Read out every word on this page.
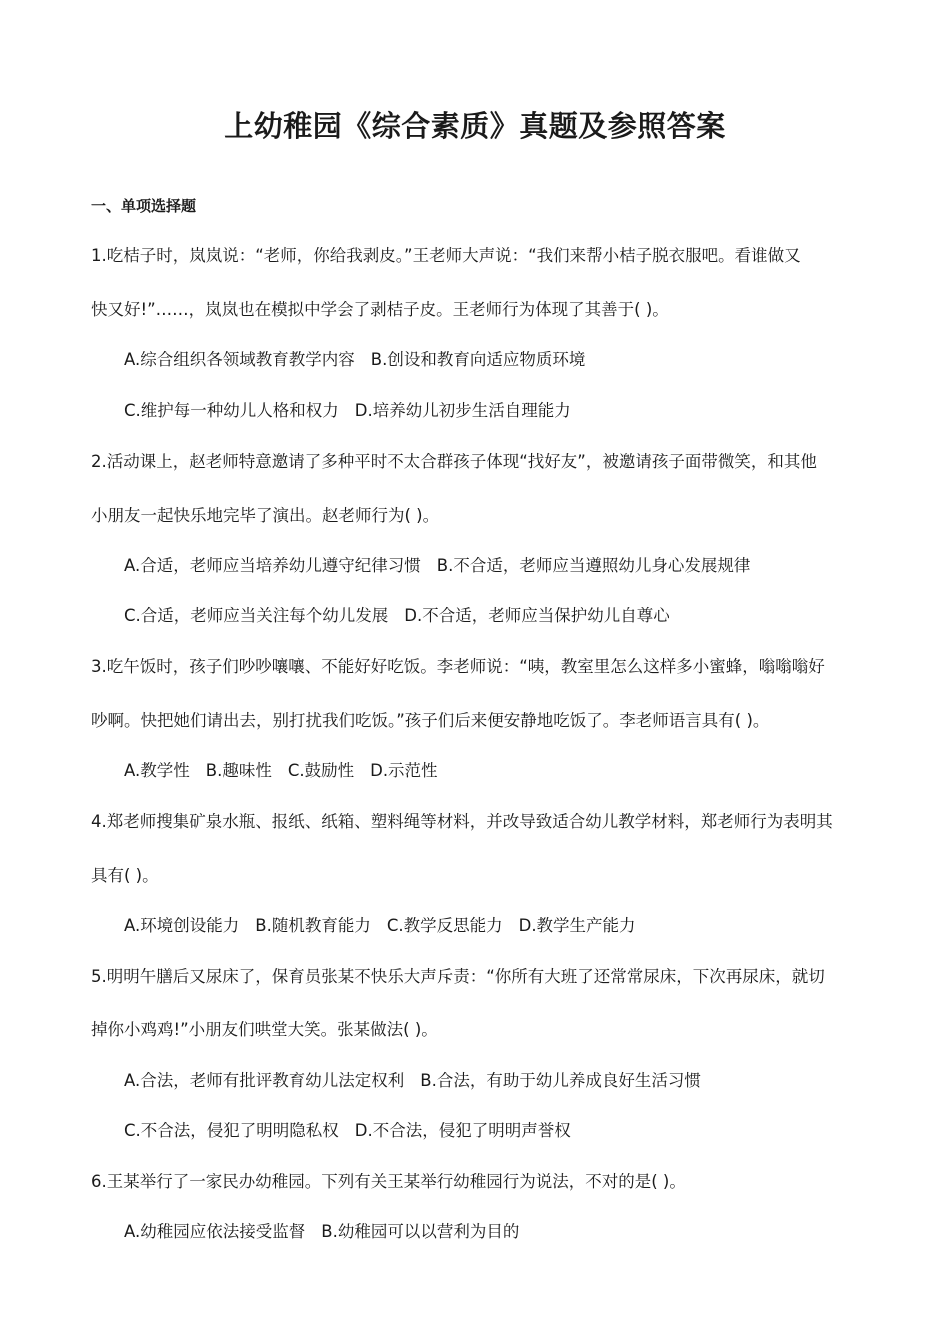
上幼稚园《综合素质》真题及参照答案
一、单项选择题
1.吃桔子时，岚岚说：“老师，你给我剥皮。”王老师大声说：“我们来帮小桔子脱衣服吧。看谁做又
快又好!”……，岚岚也在模拟中学会了剥桔子皮。王老师行为体现了其善于( )。
A.综合组织各领域教育教学内容 B.创设和教育向适应物质环境
C.维护每一种幼儿人格和权力 D.培养幼儿初步生活自理能力
2.活动课上，赵老师特意邀请了多种平时不太合群孩子体现“找好友”，被邀请孩子面带微笑，和其他
小朋友一起快乐地完毕了演出。赵老师行为( )。
A.合适，老师应当培养幼儿遵守纪律习惯 B.不合适，老师应当遵照幼儿身心发展规律
C.合适，老师应当关注每个幼儿发展 D.不合适，老师应当保护幼儿自尊心
3.吃午饭时，孩子们吵吵嚷嚷、不能好好吃饭。李老师说：“咦，教室里怎么这样多小蜜蜂，嗡嗡嗡好
吵啊。快把她们请出去，别打扰我们吃饭。”孩子们后来便安静地吃饭了。李老师语言具有( )。
A.教学性 B.趣味性 C.鼓励性 D.示范性
4.郑老师搜集矿泉水瓶、报纸、纸箱、塑料绳等材料，并改导致适合幼儿教学材料，郑老师行为表明其
具有( )。
A.环境创设能力 B.随机教育能力 C.教学反思能力 D.教学生产能力
5.明明午膳后又尿床了，保育员张某不快乐大声斥责：“你所有大班了还常常尿床，下次再尿床，就切
掉你小鸡鸡!”小朋友们哄堂大笑。张某做法( )。
A.合法，老师有批评教育幼儿法定权利 B.合法，有助于幼儿养成良好生活习惯
C.不合法，侵犯了明明隐私权 D.不合法，侵犯了明明声誉权
6.王某举行了一家民办幼稚园。下列有关王某举行幼稚园行为说法，不对的是( )。
A.幼稚园应依法接受监督 B.幼稚园可以以营利为目的
